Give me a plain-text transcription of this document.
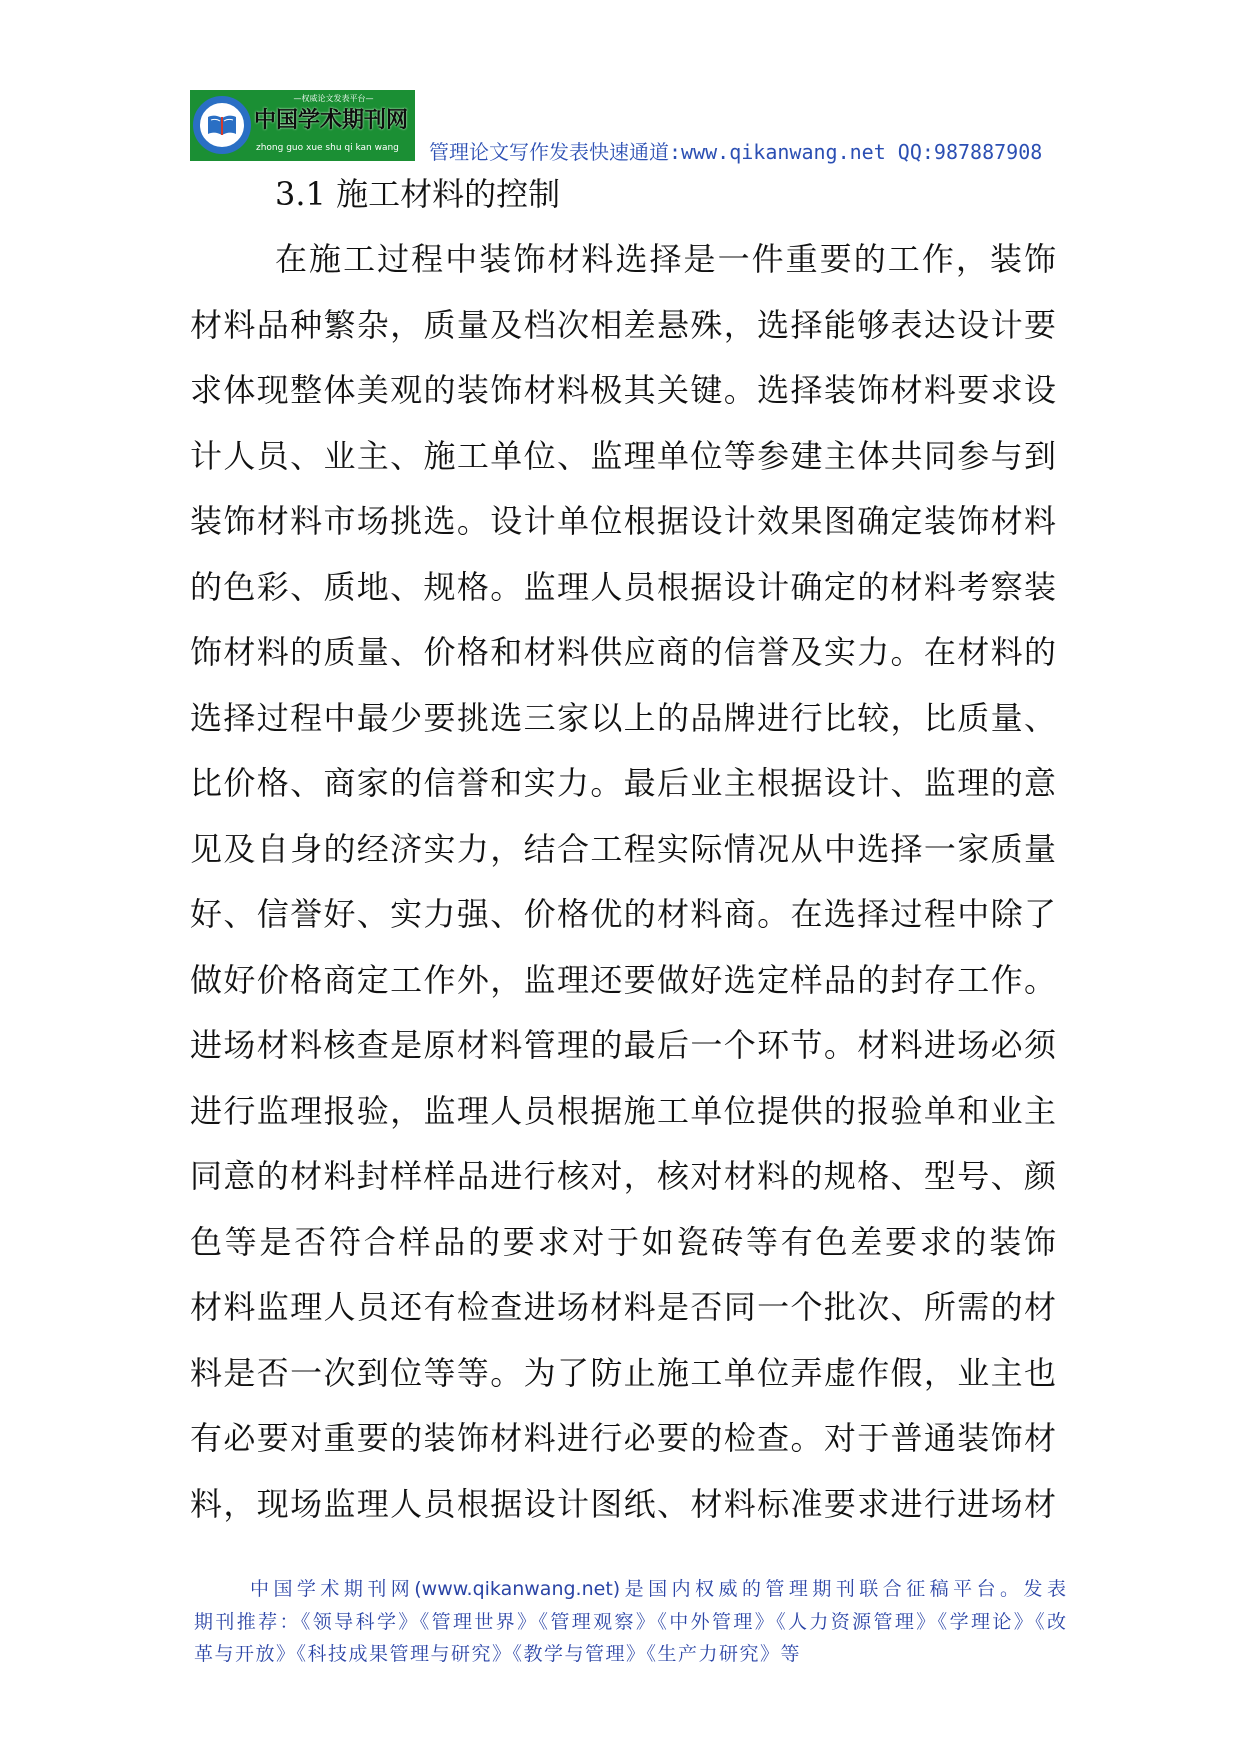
—权威论文发表平台—
中国学术期刊网
zhong guo xue shu qi kan wang 管理论文写作发表快速通道:www.qikanwang.net QQ:987887908
3.1 施工材料的控制
在施工过程中装饰材料选择是一件重要的工作，装饰
材料品种繁杂，质量及档次相差悬殊，选择能够表达设计要
求体现整体美观的装饰材料极其关键。选择装饰材料要求设
计人员、业主、施工单位、监理单位等参建主体共同参与到
装饰材料市场挑选。设计单位根据设计效果图确定装饰材料
的色彩、质地、规格。监理人员根据设计确定的材料考察装
饰材料的质量、价格和材料供应商的信誉及实力。在材料的
选择过程中最少要挑选三家以上的品牌进行比较，比质量、
比价格、商家的信誉和实力。最后业主根据设计、监理的意
见及自身的经济实力，结合工程实际情况从中选择一家质量
好、信誉好、实力强、价格优的材料商。在选择过程中除了
做好价格商定工作外，监理还要做好选定样品的封存工作。
进场材料核查是原材料管理的最后一个环节。材料进场必须
进行监理报验，监理人员根据施工单位提供的报验单和业主
同意的材料封样样品进行核对，核对材料的规格、型号、颜
色等是否符合样品的要求对于如瓷砖等有色差要求的装饰
材料监理人员还有检查进场材料是否同一个批次、所需的材
料是否一次到位等等。为了防止施工单位弄虚作假，业主也
有必要对重要的装饰材料进行必要的检查。对于普通装饰材
料，现场监理人员根据设计图纸、材料标准要求进行进场材
中国学术期刊网(www.qikanwang.net)是国内权威的管理期刊联合征稿平台。发表
期刊推荐：《领导科学》《管理世界》《管理观察》《中外管理》《人力资源管理》《学理论》《改
革与开放》《科技成果管理与研究》《教学与管理》《生产力研究》等
